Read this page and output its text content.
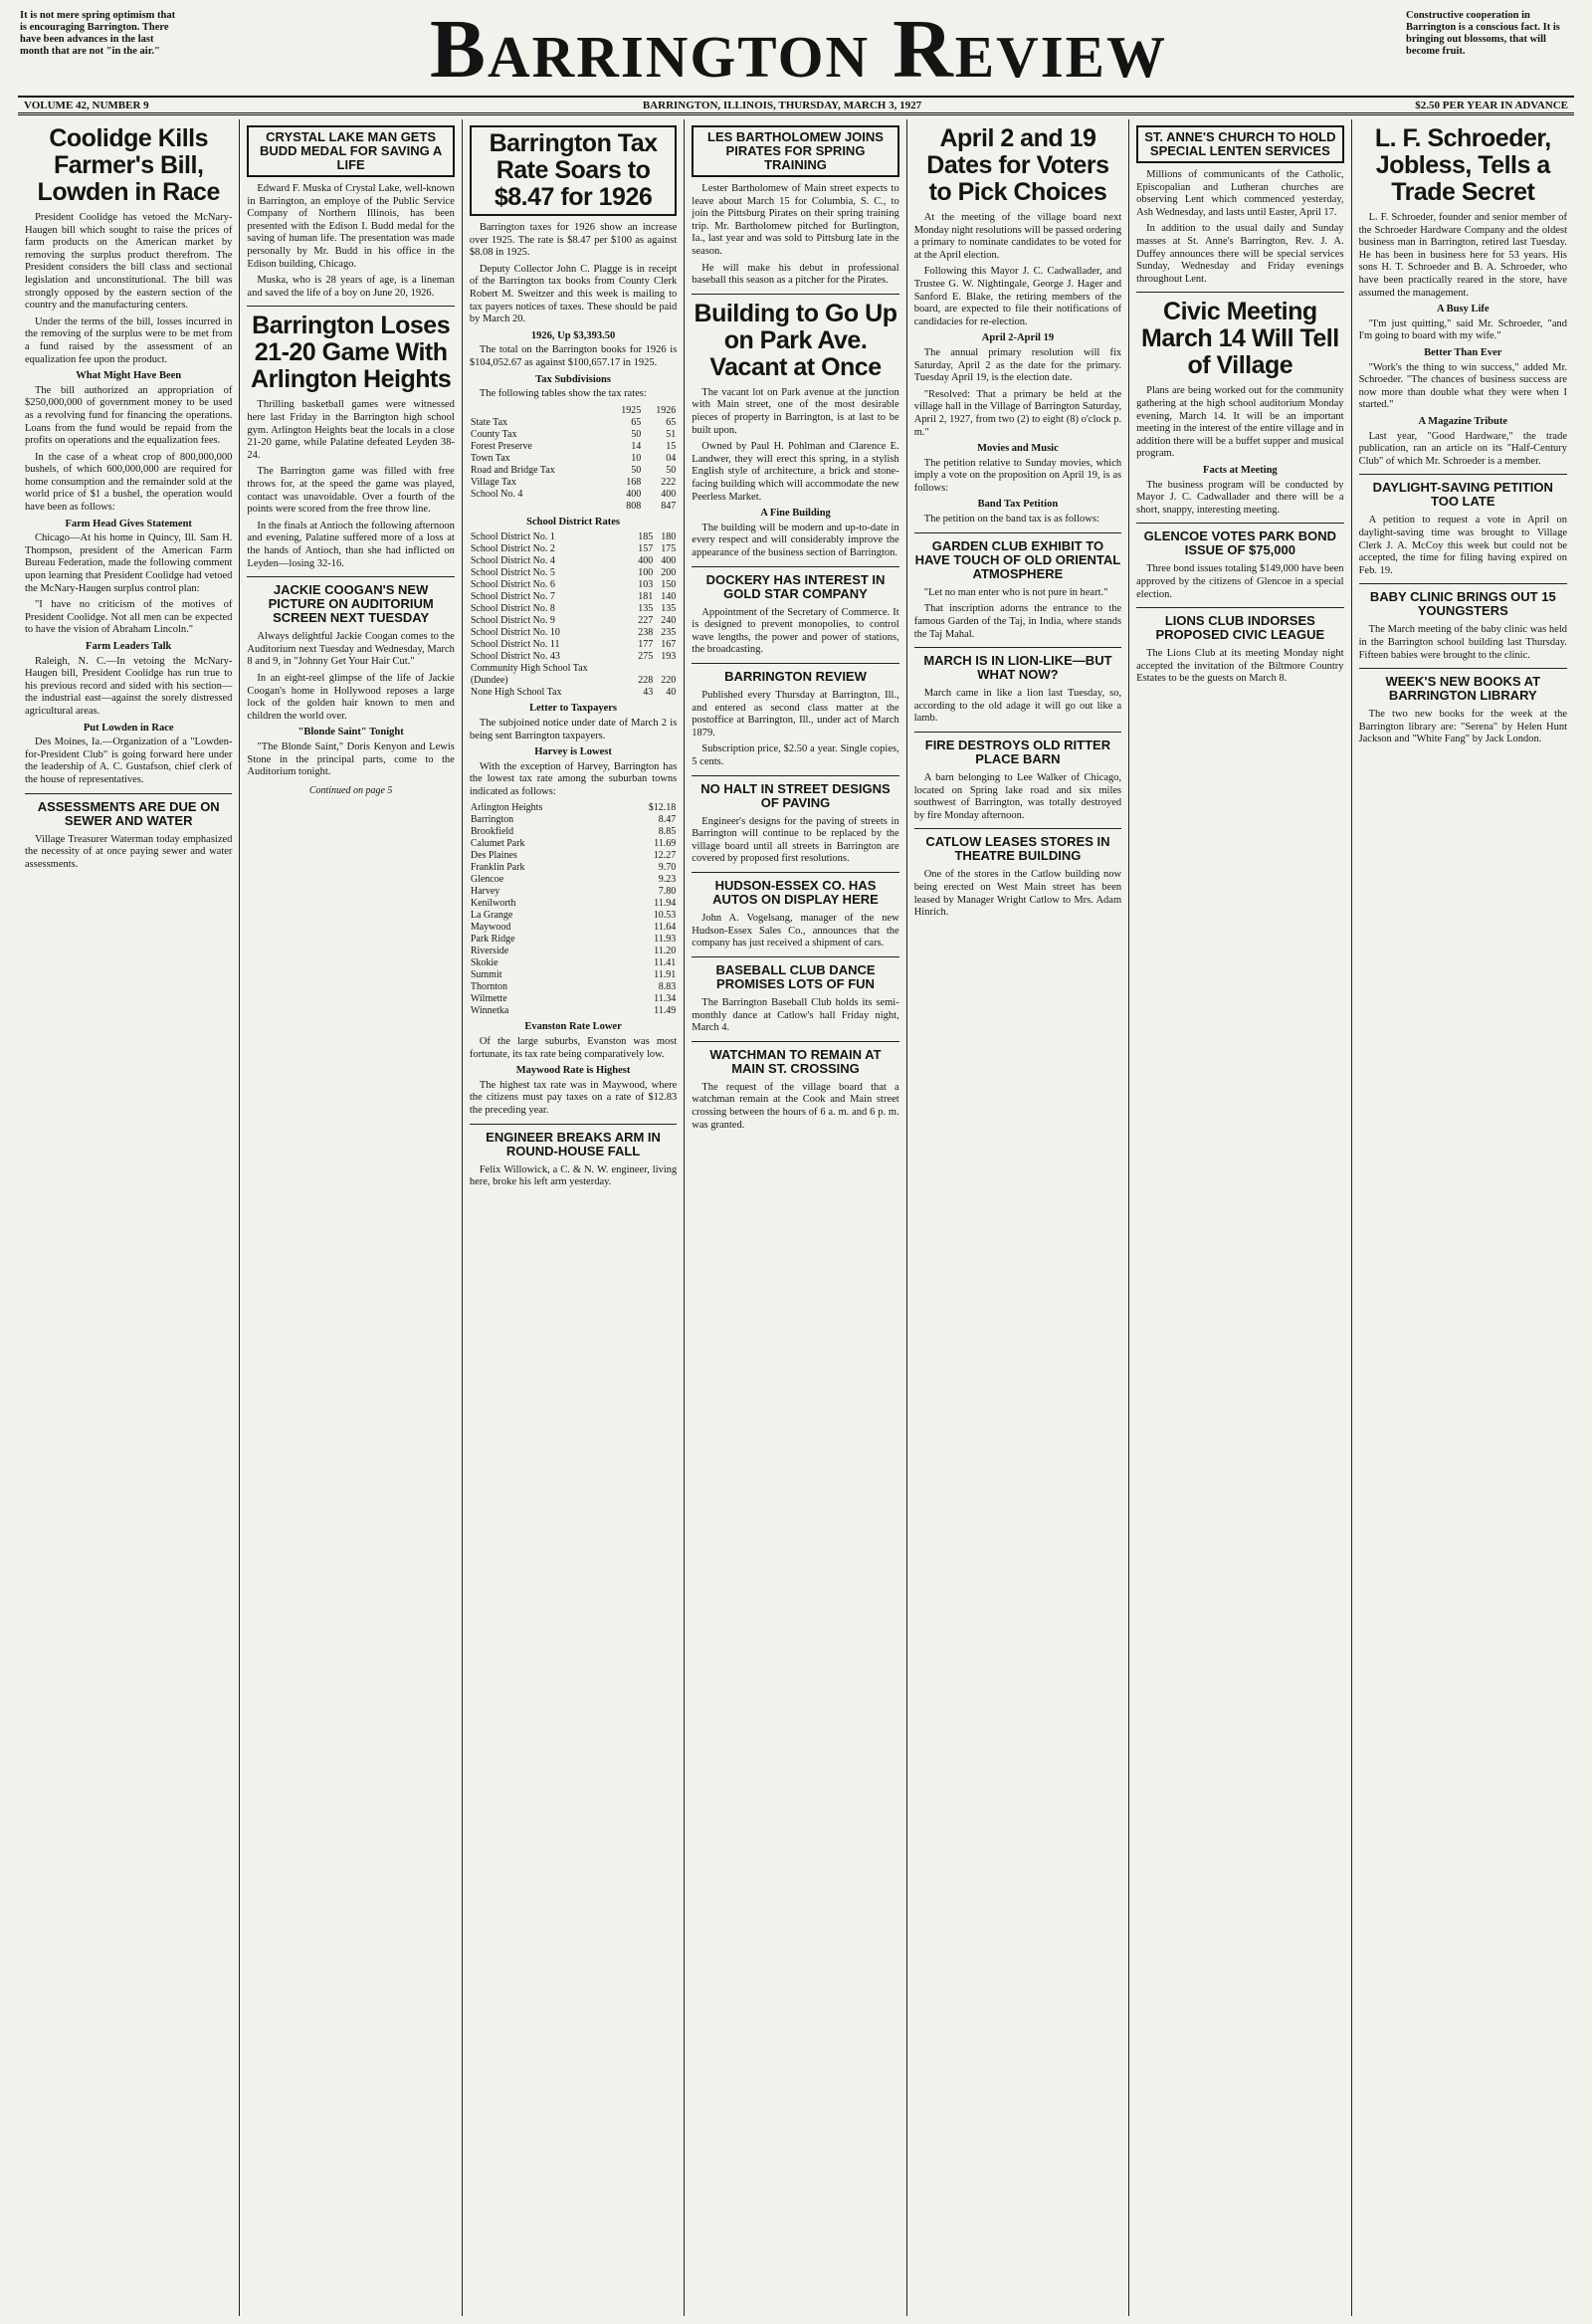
It is not mere spring optimism that is encouraging Barrington. There have been advances in the last month that are not "in the air."	Barrington Review	Constructive cooperation in Barrington is a conscious fact. It is bringing out blossoms, that will become fruit.
VOLUME 42, NUMBER 9	BARRINGTON, ILLINOIS, THURSDAY, MARCH 3, 1927	$2.50 PER YEAR IN ADVANCE
Coolidge Kills Farmer's Bill, Lowden in Race
President Coolidge has vetoed the McNary-Haugen bill which sought to raise the prices of farm products on the American market by removing the surplus product therefrom. The President considers the bill class and sectional legislation and unconstitutional. The bill was strongly opposed by the eastern section of the country and the manufacturing centers.
Under the terms of the bill, losses incurred in the removing of the surplus were to be met from a fund raised by the assessment of an equalization fee upon the product.
What Might Have Been
The bill authorized an appropriation of $250,000,000 of government money to be used as a revolving fund for financing the operations. Loans from the fund would be repaid from the profits on operations and the equalization fees.
In the case of a wheat crop of 800,000,000 bushels, of which 600,000,000 are required for home consumption and the remainder sold at the world price of $1 a bushel, the operation would have been as follows:
Farm Head Gives Statement
Chicago—At his home in Quincy, Ill. Sam H. Thompson, president of the American Farm Bureau Federation, made the following comment upon learning that President Coolidge had vetoed the McNary-Haugen surplus control plan:
"I have no criticism of the motives of President Coolidge. Not all men can be expected to have the vision of Abraham Lincoln."
Farm Leaders Talk
Raleigh, N. C.—In vetoing the McNary-Haugen bill, President Coolidge has run true to his previous record and sided with his section—the industrial east—against the sorely distressed agricultural areas.
Put Lowden in Race
Des Moines, Ia.—Organization of a "Lowden-for-President Club" is going forward here under the leadership of A. C. Gustafson, chief clerk of the house of representatives.
ASSESSMENTS ARE DUE ON SEWER AND WATER
Village Treasurer Waterman today emphasized the necessity of at once paying sewer and water assessments.
CRYSTAL LAKE MAN GETS BUDD MEDAL FOR SAVING A LIFE
Edward F. Muska of Crystal Lake, well-known in Barrington, an employe of the Public Service Company of Northern Illinois, has been presented with the Edison I. Budd medal for the saving of human life. The presentation was made personally by Mr. Budd in his office in the Edison building, Chicago.
Muska, who is 28 years of age, is a lineman and saved the life of a boy on June 20, 1926.
Barrington Loses 21-20 Game With Arlington Heights
Thrilling basketball games were witnessed here last Friday in the Barrington high school gym. Arlington Heights beat the locals in a close 21-20 game, while Palatine defeated Leyden 38-24.
The Barrington game was filled with free throws for, at the speed the game was played, contact was unavoidable. Over a fourth of the points were scored from the free throw line.
In the finals at Antioch the following afternoon and evening, Palatine suffered more of a loss at the hands of Antioch, than she had inflicted on Leyden—losing 32-16.
JACKIE COOGAN'S NEW PICTURE ON AUDITORIUM SCREEN NEXT TUESDAY
Always delightful Jackie Coogan comes to the Auditorium next Tuesday and Wednesday, March 8 and 9, in "Johnny Get Your Hair Cut."
In an eight-reel glimpse of the life of Jackie Coogan's home in Hollywood reposes a large lock of the golden hair known to men and children the world over.
"Blonde Saint" Tonight
"The Blonde Saint," Doris Kenyon and Lewis Stone in the principal parts, come to the Auditorium tonight.
Continued on page 5
Barrington Tax Rate Soars to $8.47 for 1926
Barrington taxes for 1926 show an increase over 1925. The rate is $8.47 per $100 as against $8.08 in 1925.
Deputy Collector John C. Plagge is in receipt of the Barrington tax books from County Clerk Robert M. Sweitzer and this week is mailing to tax payers notices of taxes. These should be paid by March 20.
1926, Up $3,393.50
The total on the Barrington books for 1926 is $104,052.67 as against $100,657.17 in 1925.
Tax Subdivisions
The following tables show the tax rates:
	1925	1926
State Tax	65	65
County Tax	50	51
Forest Preserve	14	15
Town Tax	10	04
Road and Bridge Tax	50	50
Village Tax	168	222
School No. 4	400	400
	808	847
School District Rates
School District No. 1	185	180
School District No. 2	157	175
School District No. 4	400	400
School District No. 5	100	200
School District No. 6	103	150
School District No. 7	181	140
School District No. 8	135	135
School District No. 9	227	240
School District No. 10	238	235
School District No. 11	177	167
School District No. 43	275	193
Community High School Tax		
(Dundee)	228	220
None High School Tax	43	40
Letter to Taxpayers
The subjoined notice under date of March 2 is being sent Barrington taxpayers.
Harvey is Lowest
With the exception of Harvey, Barrington has the lowest tax rate among the suburban towns indicated as follows:
Arlington Heights	$12.18
Barrington	8.47
Brookfield	8.85
Calumet Park	11.69
Des Plaines	12.27
Franklin Park	9.70
Glencoe	9.23
Harvey	7.80
Kenilworth	11.94
La Grange	10.53
Maywood	11.64
Park Ridge	11.93
Riverside	11.20
Skokie	11.41
Summit	11.91
Thornton	8.83
Wilmette	11.34
Winnetka	11.49
Evanston Rate Lower
Of the large suburbs, Evanston was most fortunate, its tax rate being comparatively low.
Maywood Rate is Highest
The highest tax rate was in Maywood, where the citizens must pay taxes on a rate of $12.83 the preceding year.
ENGINEER BREAKS ARM IN ROUND-HOUSE FALL
Felix Willowick, a C. & N. W. engineer, living here, broke his left arm yesterday.
LES BARTHOLOMEW JOINS PIRATES FOR SPRING TRAINING
Lester Bartholomew of Main street expects to leave about March 15 for Columbia, S. C., to join the Pittsburg Pirates on their spring training trip. Mr. Bartholomew pitched for Burlington, Ia., last year and was sold to Pittsburg late in the season.
He will make his debut in professional baseball this season as a pitcher for the Pirates.
Building to Go Up on Park Ave. Vacant at Once
The vacant lot on Park avenue at the junction with Main street, one of the most desirable pieces of property in Barrington, is at last to be built upon.
Owned by Paul H. Pohlman and Clarence E. Landwer, they will erect this spring, in a stylish English style of architecture, a brick and stone-facing building which will accommodate the new Peerless Market.
A Fine Building
The building will be modern and up-to-date in every respect and will considerably improve the appearance of the business section of Barrington.
DOCKERY HAS INTEREST IN GOLD STAR COMPANY
Appointment of the Secretary of Commerce. It is designed to prevent monopolies, to control wave lengths, the power and power of stations, the broadcasting.
BARRINGTON REVIEW
Published every Thursday at Barrington, Ill., and entered as second class matter at the postoffice at Barrington, Ill., under act of March 1879.
Subscription price, $2.50 a year. Single copies, 5 cents.
NO HALT IN STREET DESIGNS OF PAVING
Engineer's designs for the paving of streets in Barrington will continue to be replaced by the village board until all streets in Barrington are covered by proposed first resolutions.
HUDSON-ESSEX CO. HAS AUTOS ON DISPLAY HERE
John A. Vogelsang, manager of the new Hudson-Essex Sales Co., announces that the company has just received a shipment of cars.
BASEBALL CLUB DANCE PROMISES LOTS OF FUN
The Barrington Baseball Club holds its semi-monthly dance at Catlow's hall Friday night, March 4.
WATCHMAN TO REMAIN AT MAIN ST. CROSSING
The request of the village board that a watchman remain at the Cook and Main street crossing between the hours of 6 a. m. and 6 p. m. was granted.
April 2 and 19 Dates for Voters to Pick Choices
At the meeting of the village board next Monday night resolutions will be passed ordering a primary to nominate candidates to be voted for at the April election.
Following this Mayor J. C. Cadwallader, and Trustee G. W. Nightingale, George J. Hager and Sanford E. Blake, the retiring members of the board, are expected to file their notifications of candidacies for re-election.
April 2-April 19
The annual primary resolution will fix Saturday, April 2 as the date for the primary. Tuesday April 19, is the election date.
"Resolved: That a primary be held at the village hall in the Village of Barrington Saturday, April 2, 1927, from two (2) to eight (8) o'clock p. m."
Movies and Music
The petition relative to Sunday movies, which imply a vote on the proposition on April 19, is as follows:
Band Tax Petition
The petition on the band tax is as follows:
GARDEN CLUB EXHIBIT TO HAVE TOUCH OF OLD ORIENTAL ATMOSPHERE
"Let no man enter who is not pure in heart."
That inscription adorns the entrance to the famous Garden of the Taj, in India, where stands the Taj Mahal.
MARCH IS IN LION-LIKE—BUT WHAT NOW?
March came in like a lion last Tuesday, so, according to the old adage it will go out like a lamb.
FIRE DESTROYS OLD RITTER PLACE BARN
A barn belonging to Lee Walker of Chicago, located on Spring lake road and six miles southwest of Barrington, was totally destroyed by fire Monday afternoon.
CATLOW LEASES STORES IN THEATRE BUILDING
One of the stores in the Catlow building now being erected on West Main street has been leased by Manager Wright Catlow to Mrs. Adam Hinrich.
ST. ANNE'S CHURCH TO HOLD SPECIAL LENTEN SERVICES
Millions of communicants of the Catholic, Episcopalian and Lutheran churches are observing Lent which commenced yesterday, Ash Wednesday, and lasts until Easter, April 17.
In addition to the usual daily and Sunday masses at St. Anne's Barrington, Rev. J. A. Duffey announces there will be special services Sunday, Wednesday and Friday evenings throughout Lent.
Civic Meeting March 14 Will Tell of Village
Plans are being worked out for the community gathering at the high school auditorium Monday evening, March 14. It will be an important meeting in the interest of the entire village and in addition there will be a buffet supper and musical program.
Facts at Meeting
The business program will be conducted by Mayor J. C. Cadwallader and there will be a short, snappy, interesting meeting.
GLENCOE VOTES PARK BOND ISSUE OF $75,000
Three bond issues totaling $149,000 have been approved by the citizens of Glencoe in a special election.
LIONS CLUB INDORSES PROPOSED CIVIC LEAGUE
The Lions Club at its meeting Monday night accepted the invitation of the Biltmore Country Estates to be the guests on March 8.
L. F. Schroeder, Jobless, Tells a Trade Secret
L. F. Schroeder, founder and senior member of the Schroeder Hardware Company and the oldest business man in Barrington, retired last Tuesday. He has been in business here for 53 years. His sons H. T. Schroeder and B. A. Schroeder, who have been practically reared in the store, have assumed the management.
A Busy Life
"I'm just quitting," said Mr. Schroeder, "and I'm going to board with my wife."
Better Than Ever
"Work's the thing to win success," added Mr. Schroeder. "The chances of business success are now more than double what they were when I started."
A Magazine Tribute
Last year, "Good Hardware," the trade publication, ran an article on its "Half-Century Club" of which Mr. Schroeder is a member.
DAYLIGHT-SAVING PETITION TOO LATE
A petition to request a vote in April on daylight-saving time was brought to Village Clerk J. A. McCoy this week but could not be accepted, the time for filing having expired on Feb. 19.
BABY CLINIC BRINGS OUT 15 YOUNGSTERS
The March meeting of the baby clinic was held in the Barrington school building last Thursday. Fifteen babies were brought to the clinic.
WEEK'S NEW BOOKS AT BARRINGTON LIBRARY
The two new books for the week at the Barrington library are: "Serena" by Helen Hunt Jackson and "White Fang" by Jack London.
